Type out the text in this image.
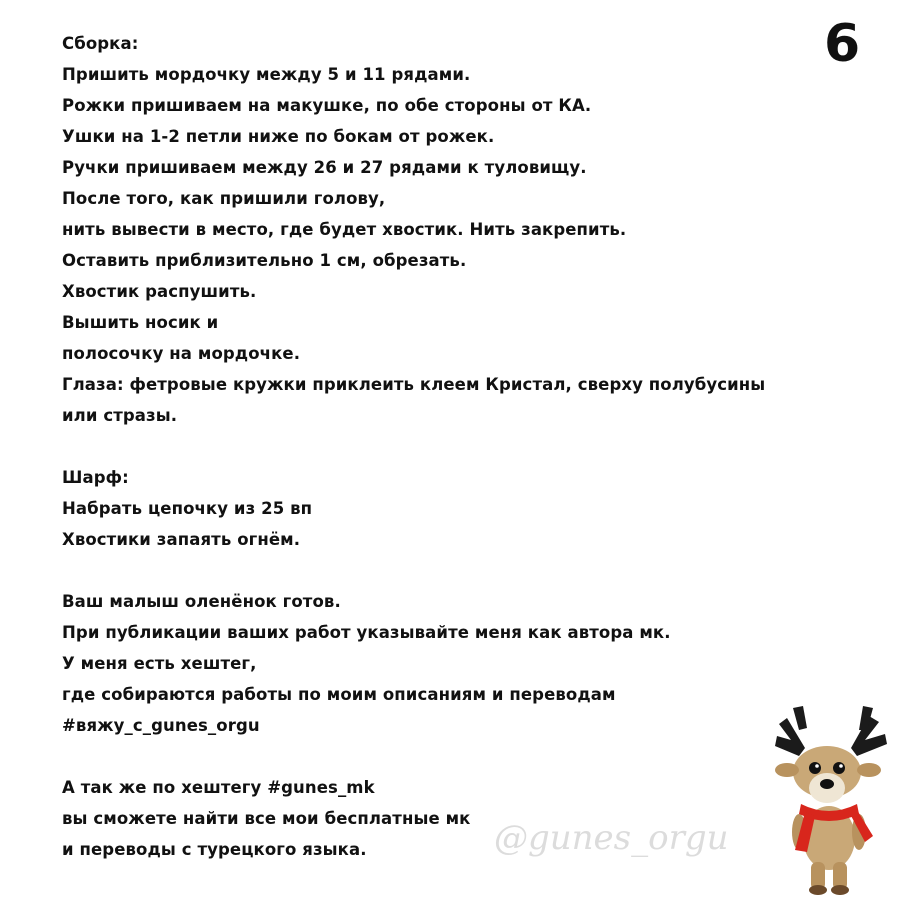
6
Сборка:
Пришить мордочку между 5 и 11 рядами.
Рожки пришиваем на макушке, по обе стороны от КА.
Ушки на 1-2 петли ниже по бокам от рожек.
Ручки пришиваем между 26 и 27 рядами к туловищу.
После того, как пришили голову,
нить вывести в место, где будет хвостик. Нить закрепить.
Оставить приблизительно 1 см, обрезать.
Хвостик распушить.
Вышить носик и
полосочку на мордочке.
Глаза: фетровые кружки приклеить клеем Кристал, сверху полубусины
или стразы.
Шарф:
Набрать цепочку из 25 вп
Хвостики запаять огнём.
Ваш малыш оленёнок готов.
При публикации ваших работ указывайте меня как автора мк.
У меня есть хештег,
где собираются работы по моим описаниям и переводам
#вяжу_с_gunes_orgu
А так же по хештегу #gunes_mk
вы сможете найти все мои бесплатные мк
и переводы с турецкого языка.	@gunes_orgu
